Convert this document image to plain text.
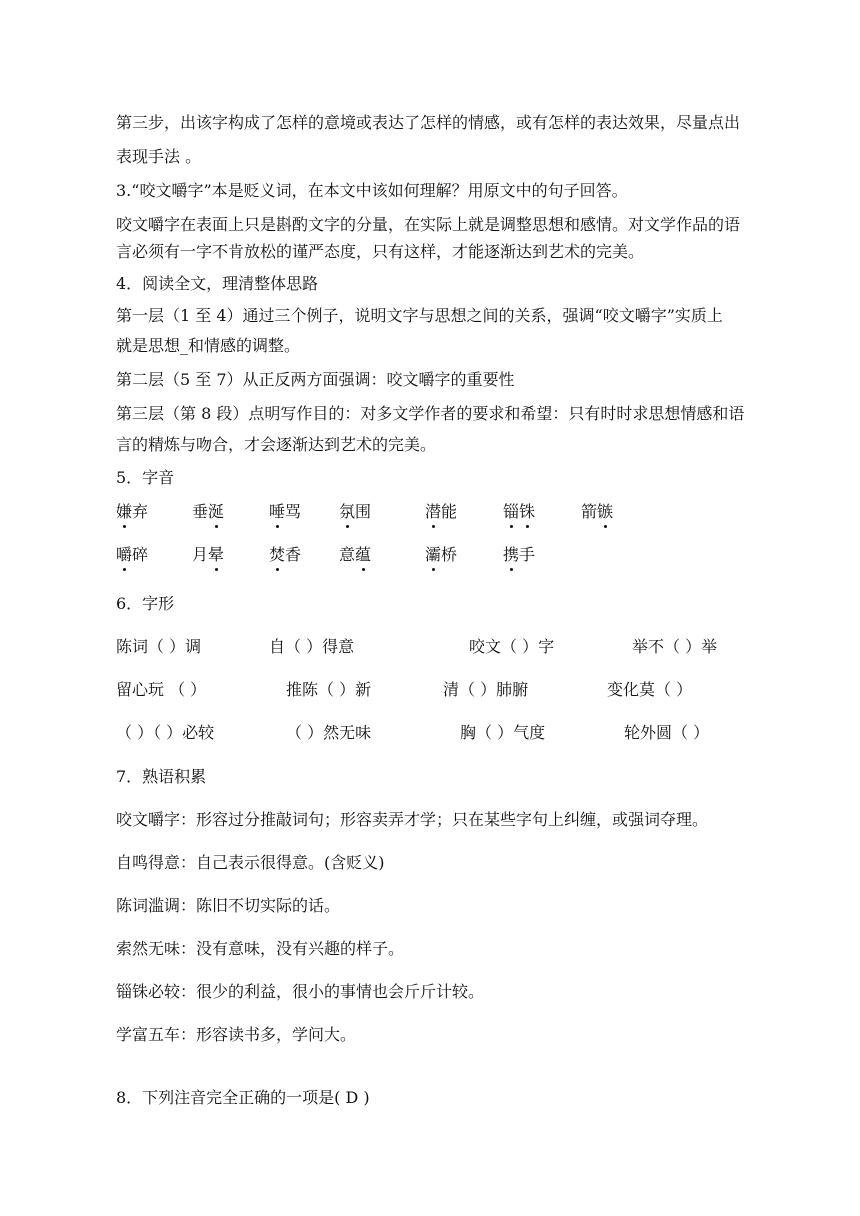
第三步，出该字构成了怎样的意境或表达了怎样的情感，或有怎样的表达效果，尽量点出
表现手法 。
3.“咬文嚼字”本是贬义词，在本文中该如何理解？用原文中的句子回答。
咬文嚼字在表面上只是斟酌文字的分量，在实际上就是调整思想和感情。对文学作品的语
言必须有一字不肯放松的谨严态度，只有这样，才能逐渐达到艺术的完美。
4．阅读全文，理清整体思路
第一层（1 至 4）通过三个例子，说明文字与思想之间的关系，强调“咬文嚼字”实质上
就是思想_和情感的调整。
第二层（5 至 7）从正反两方面强调：咬文嚼字的重要性
第三层（第 8 段）点明写作目的：对多文学作者的要求和希望：只有时时求思想情感和语
言的精炼与吻合，才会逐渐达到艺术的完美。
5．字音
嫌弃	垂涎	唾骂 氛围	潜能	锱铢	箭镞
嚼碎	月晕	焚香 意蕴	灞桥	携手
6．字形
陈词（ ）调	自（ ）得意	咬文（ ）字	举不（ ）举
留心玩 （ ）	推陈（ ）新	清（ ）肺腑	变化莫（ ）
（ ）（ ）必较	（ ）然无味	胸（ ）气度	轮外圆（ ）
7．熟语积累
咬文嚼字：形容过分推敲词句；形容卖弄才学；只在某些字句上纠缠，或强词夺理。
自鸣得意：自己表示很得意。(含贬义)
陈词滥调：陈旧不切实际的话。
索然无味：没有意味，没有兴趣的样子。
锱铢必较：很少的利益，很小的事情也会斤斤计较。
学富五车：形容读书多，学问大。
8．下列注音完全正确的一项是( D )
